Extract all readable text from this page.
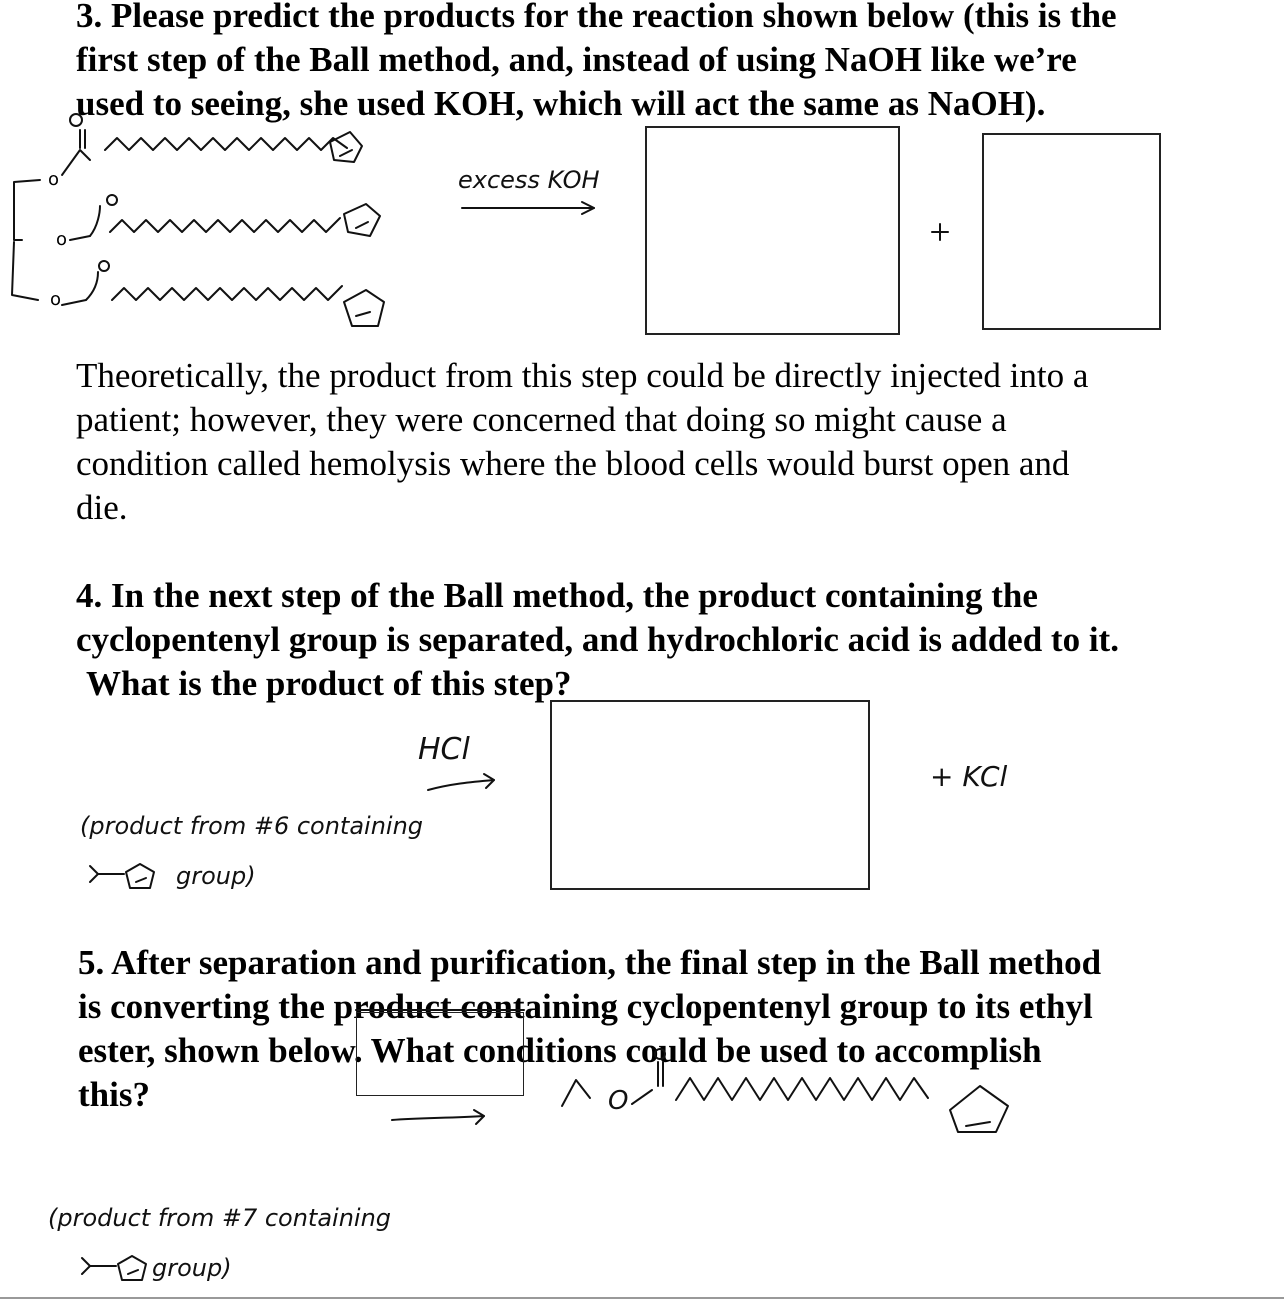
3. Please predict the products for the reaction shown below (this is the
first step of the Ball method, and, instead of using NaOH like we’re
used to seeing, she used KOH, which will act the same as NaOH).
o
o
o
excess KOH
Theoretically, the product from this step could be directly injected into a
patient; however, they were concerned that doing so might cause a
condition called hemolysis where the blood cells would burst open and
die.
4. In the next step of the Ball method, the product containing the
cyclopentenyl group is separated, and hydrochloric acid is added to it.
What is the product of this step?
HCl
(product from #6 containing
group)
+ KCl
5. After separation and purification, the final step in the Ball method
is converting the product containing cyclopentenyl group to its ethyl
ester, shown below. What conditions could be used to accomplish
this?	O
(product from #7 containing
group)
